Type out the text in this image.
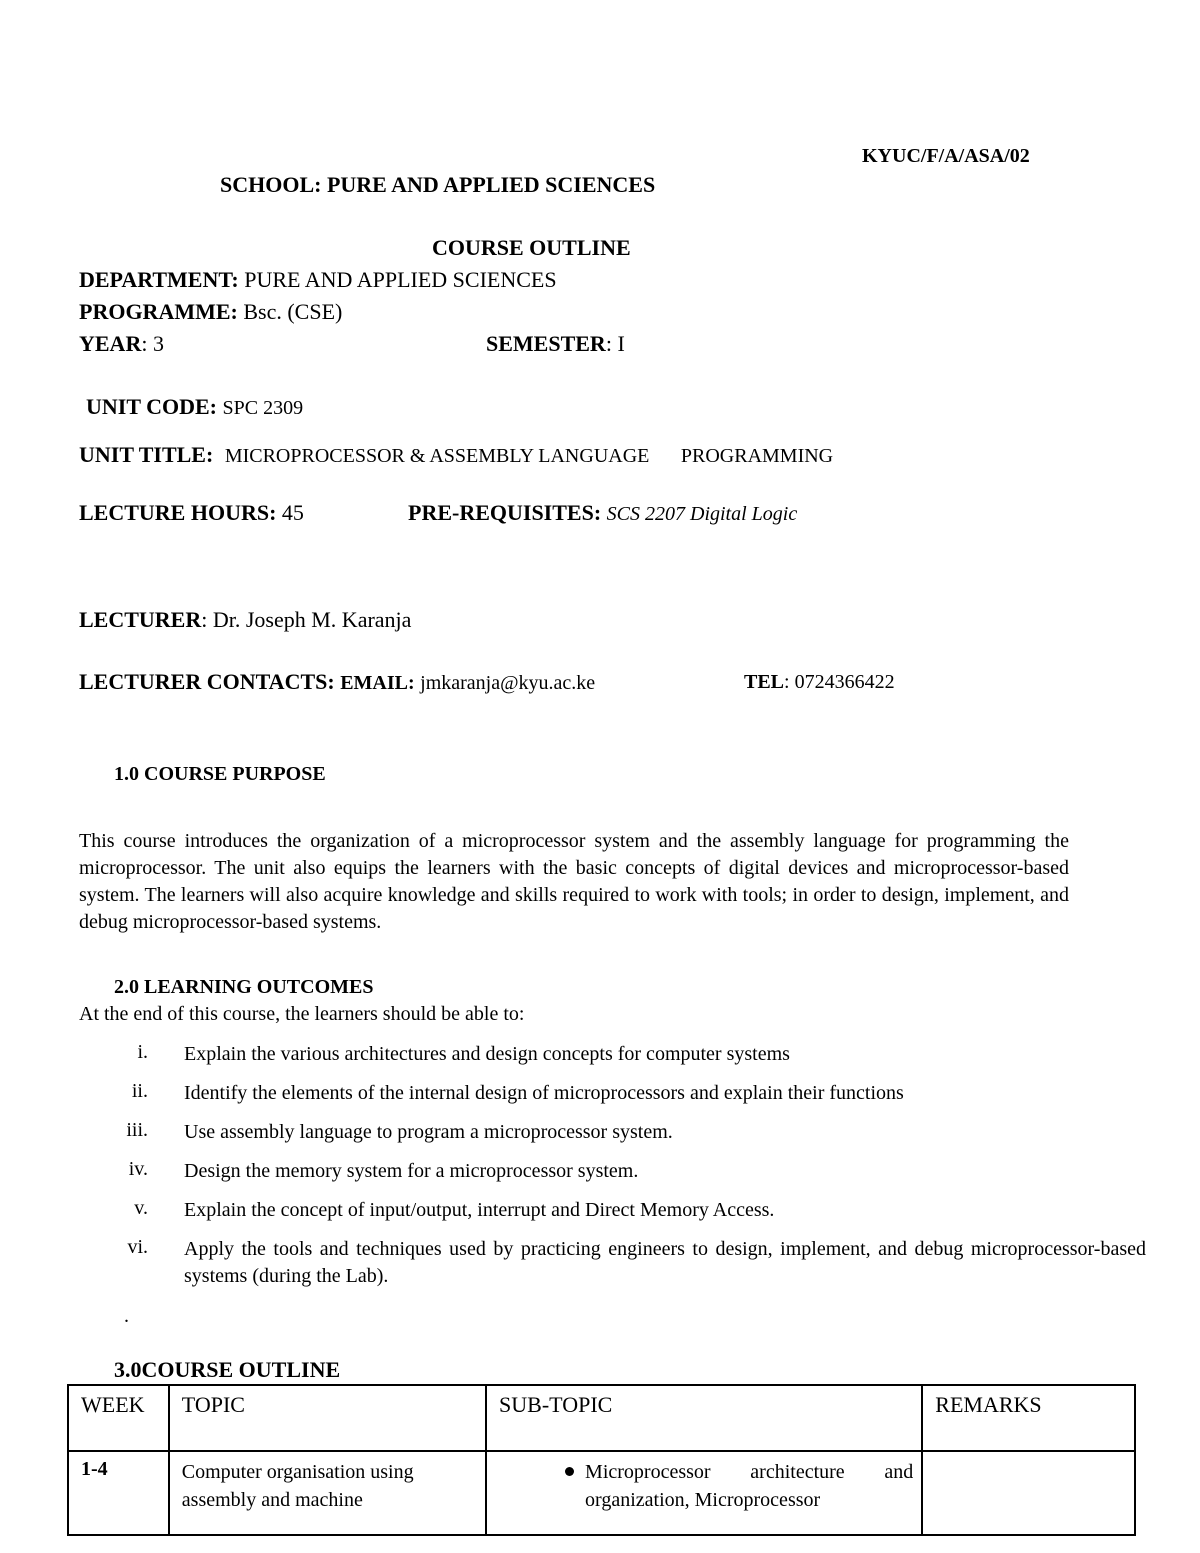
KYUC/F/A/ASA/02
SCHOOL: PURE AND APPLIED SCIENCES
COURSE OUTLINE
DEPARTMENT: PURE AND APPLIED SCIENCES
PROGRAMME: Bsc. (CSE)
YEAR: 3	SEMESTER: I
UNIT CODE: SPC 2309
UNIT TITLE: MICROPROCESSOR & ASSEMBLY LANGUAGE PROGRAMMING
LECTURE HOURS: 45	PRE-REQUISITES: SCS 2207 Digital Logic
LECTURER: Dr. Joseph M. Karanja
LECTURER CONTACTS: EMAIL: jmkaranja@kyu.ac.ke	TEL: 0724366422
1.0 COURSE PURPOSE
This course introduces the organization of a microprocessor system and the assembly language for programming the microprocessor. The unit also equips the learners with the basic concepts of digital devices and microprocessor-based system. The learners will also acquire knowledge and skills required to work with tools; in order to design, implement, and debug microprocessor-based systems.
2.0 LEARNING OUTCOMES
At the end of this course, the learners should be able to:
i. Explain the various architectures and design concepts for computer systems
ii. Identify the elements of the internal design of microprocessors and explain their functions
iii. Use assembly language to program a microprocessor system.
iv. Design the memory system for a microprocessor system.
v. Explain the concept of input/output, interrupt and Direct Memory Access.
vi. Apply the tools and techniques used by practicing engineers to design, implement, and debug microprocessor-based systems (during the Lab).
.
3.0COURSE OUTLINE
WEEK	TOPIC	SUB-TOPIC	REMARKS
1-4	Computer organisation using assembly and machine	Microprocessor architecture and organization, Microprocessor	
